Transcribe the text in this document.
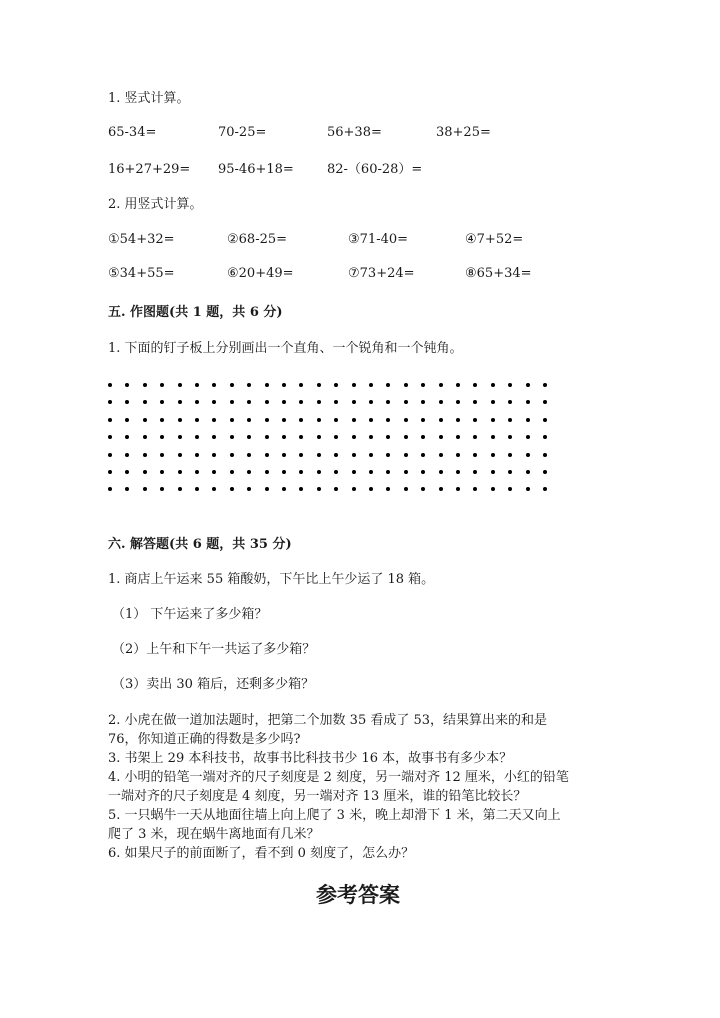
1. 竖式计算。
65-34=	70-25=	56+38=	38+25=
16+27+29= 95-46+18=	82-（60-28）=
2. 用竖式计算。
①54+32=	②68-25=	③71-40=	④7+52=
⑤34+55=	⑥20+49=	⑦73+24=	⑧65+34=
五. 作图题(共 1 题，共 6 分)
1. 下面的钉子板上分别画出一个直角、一个锐角和一个钝角。
六. 解答题(共 6 题，共 35 分)
1. 商店上午运来 55 箱酸奶，下午比上午少运了 18 箱。
（1） 下午运来了多少箱？
（2）上午和下午一共运了多少箱？
（3）卖出 30 箱后，还剩多少箱？
2. 小虎在做一道加法题时，把第二个加数 35 看成了 53，结果算出来的和是
76，你知道正确的得数是多少吗?
3. 书架上 29 本科技书，故事书比科技书少 16 本，故事书有多少本？
4. 小明的铅笔一端对齐的尺子刻度是 2 刻度，另一端对齐 12 厘米，小红的铅笔
一端对齐的尺子刻度是 4 刻度，另一端对齐 13 厘米，谁的铅笔比较长？
5. 一只蜗牛一天从地面往墙上向上爬了 3 米，晚上却滑下 1 米，第二天又向上
爬了 3 米，现在蜗牛离地面有几米？
6. 如果尺子的前面断了，看不到 0 刻度了，怎么办？
参考答案
